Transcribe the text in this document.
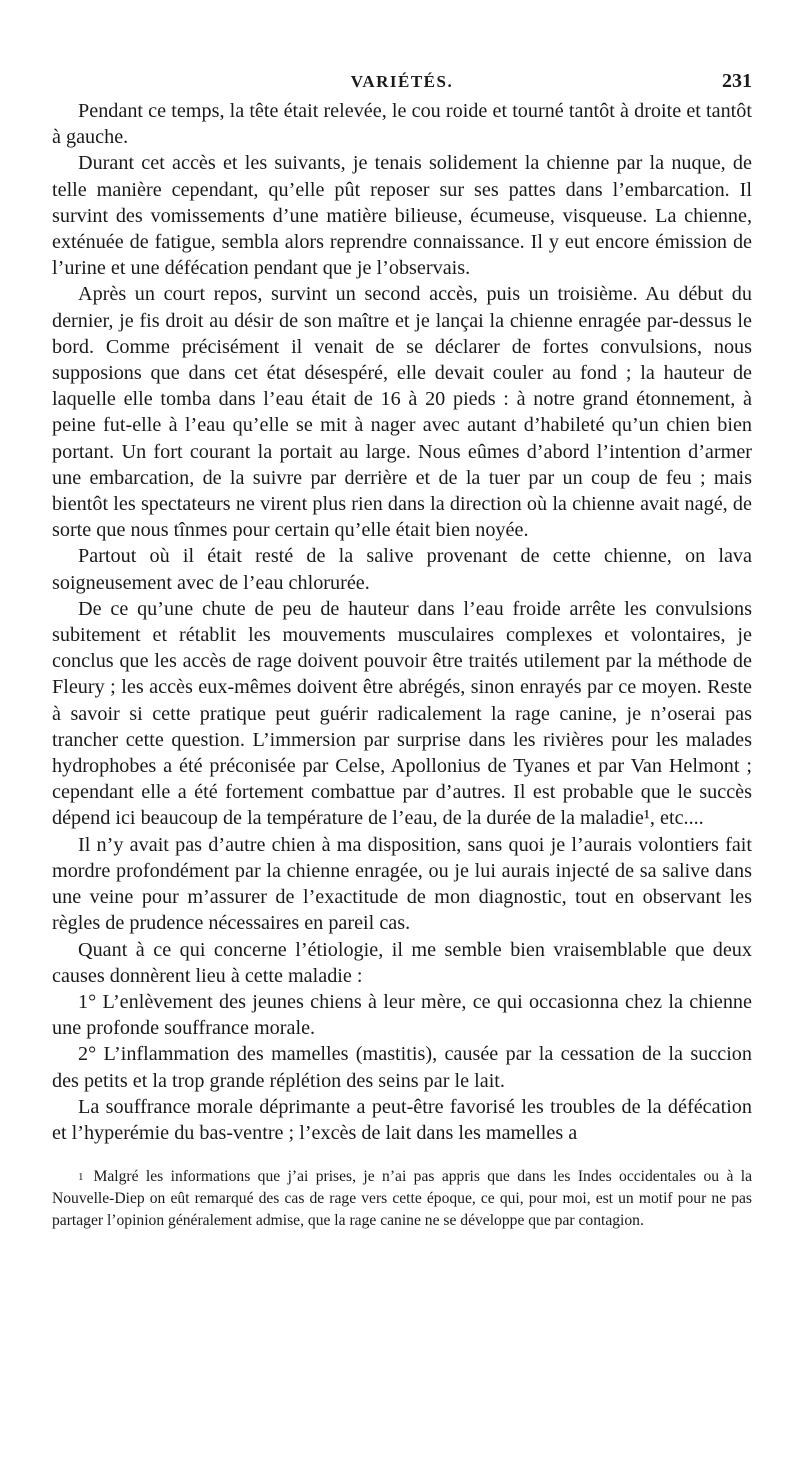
VARIÉTÉS.	231

Pendant ce temps, la tête était relevée, le cou roide et tourné tantôt à droite et tantôt à gauche.

Durant cet accès et les suivants, je tenais solidement la chienne par la nuque, de telle manière cependant, qu’elle pût reposer sur ses pattes dans l’embarcation. Il survint des vomissements d’une matière bilieuse, écumeuse, visqueuse. La chienne, exténuée de fatigue, sembla alors reprendre connaissance. Il y eut encore émission de l’urine et une défécation pendant que je l’observais.

Après un court repos, survint un second accès, puis un troisième. Au début du dernier, je fis droit au désir de son maître et je lançai la chienne enragée par-dessus le bord. Comme précisément il venait de se déclarer de fortes convulsions, nous supposions que dans cet état désespéré, elle devait couler au fond ; la hauteur de laquelle elle tomba dans l’eau était de 16 à 20 pieds : à notre grand étonnement, à peine fut-elle à l’eau qu’elle se mit à nager avec autant d’habileté qu’un chien bien portant. Un fort courant la portait au large. Nous eûmes d’abord l’intention d’armer une embarcation, de la suivre par derrière et de la tuer par un coup de feu ; mais bientôt les spectateurs ne virent plus rien dans la direction où la chienne avait nagé, de sorte que nous tînmes pour certain qu’elle était bien noyée.

Partout où il était resté de la salive provenant de cette chienne, on lava soigneusement avec de l’eau chlorurée.

De ce qu’une chute de peu de hauteur dans l’eau froide arrête les convulsions subitement et rétablit les mouvements musculaires complexes et volontaires, je conclus que les accès de rage doivent pouvoir être traités utilement par la méthode de Fleury ; les accès eux-mêmes doivent être abrégés, sinon enrayés par ce moyen. Reste à savoir si cette pratique peut guérir radicalement la rage canine, je n’oserai pas trancher cette question. L’immersion par surprise dans les rivières pour les malades hydrophobes a été préconisée par Celse, Apollonius de Tyanes et par Van Helmont ; cependant elle a été fortement combattue par d’autres. Il est probable que le succès dépend ici beaucoup de la température de l’eau, de la durée de la maladie¹, etc....

Il n’y avait pas d’autre chien à ma disposition, sans quoi je l’aurais volontiers fait mordre profondément par la chienne enragée, ou je lui aurais injecté de sa salive dans une veine pour m’assurer de l’exactitude de mon diagnostic, tout en observant les règles de prudence nécessaires en pareil cas.

Quant à ce qui concerne l’étiologie, il me semble bien vraisemblable que deux causes donnèrent lieu à cette maladie :

1° L’enlèvement des jeunes chiens à leur mère, ce qui occasionna chez la chienne une profonde souffrance morale.

2° L’inflammation des mamelles (mastitis), causée par la cessation de la succion des petits et la trop grande réplétion des seins par le lait.

La souffrance morale déprimante a peut-être favorisé les troubles de la défécation et l’hyperémie du bas-ventre ; l’excès de lait dans les mamelles a

1 Malgré les informations que j’ai prises, je n’ai pas appris que dans les Indes occidentales ou à la Nouvelle-Diep on eût remarqué des cas de rage vers cette époque, ce qui, pour moi, est un motif pour ne pas partager l’opinion généralement admise, que la rage canine ne se développe que par contagion.
